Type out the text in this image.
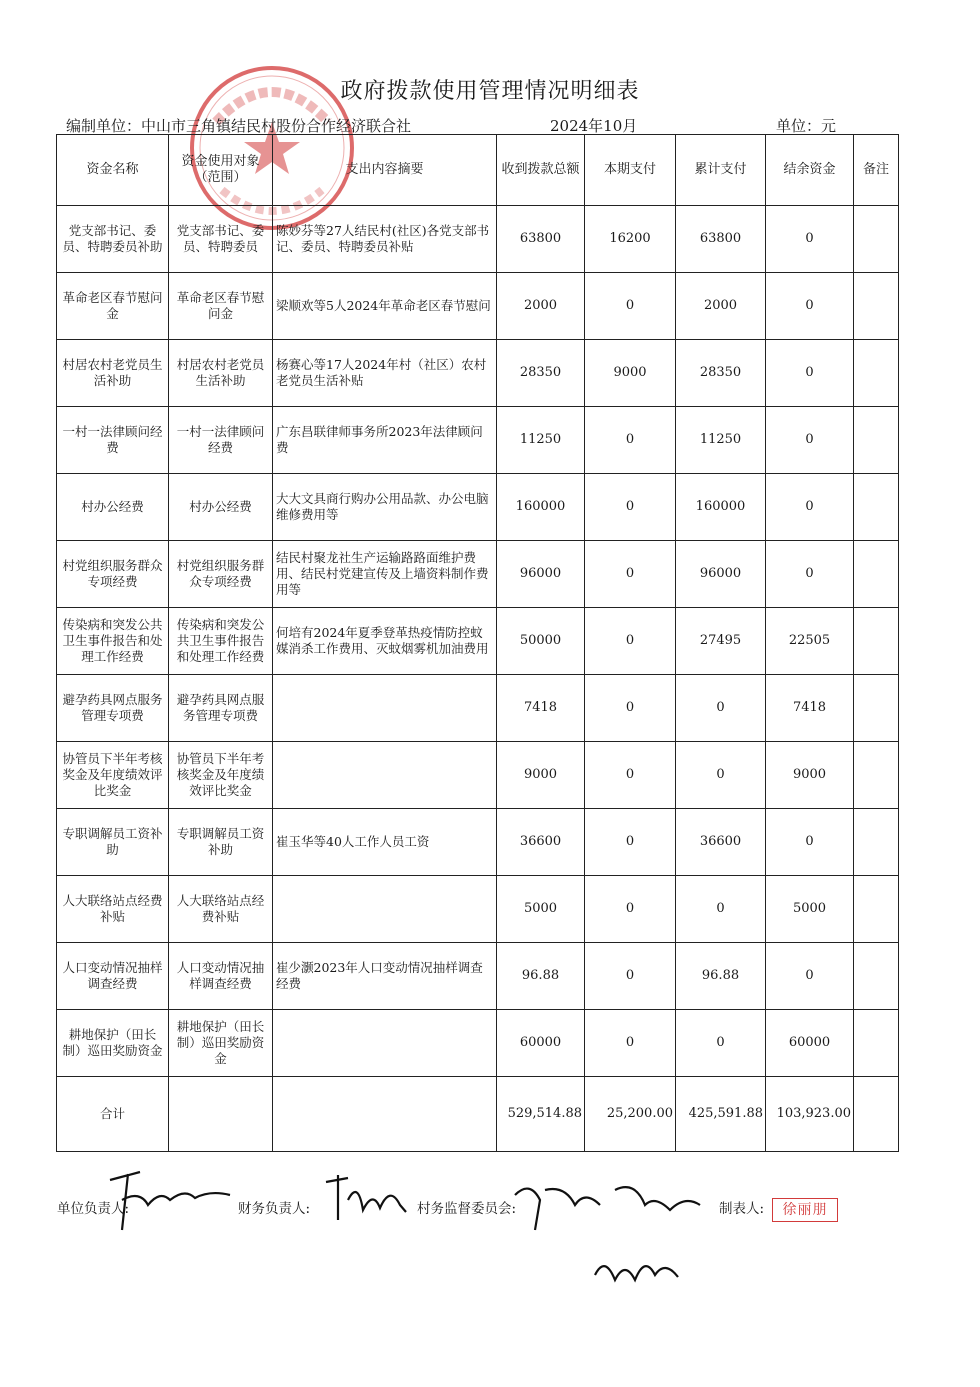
政府拨款使用管理情况明细表
编制单位：中山市三角镇结民村股份合作经济联合社	2024年10月	单位：元
资金名称	资金使用对象（范围）	支出内容摘要	收到拨款总额	本期支付	累计支付	结余资金	备注
党支部书记、委员、特聘委员补助	党支部书记、委员、特聘委员	陈妙芬等27人结民村(社区)各党支部书记、委员、特聘委员补贴	63800	16200	63800	0	
革命老区春节慰问金	革命老区春节慰问金	梁顺欢等5人2024年革命老区春节慰问	2000	0	2000	0	
村居农村老党员生活补助	村居农村老党员生活补助	杨赛心等17人2024年村（社区）农村老党员生活补贴	28350	9000	28350	0	
一村一法律顾问经费	一村一法律顾问经费	广东昌联律师事务所2023年法律顾问费	11250	0	11250	0	
村办公经费	村办公经费	大大文具商行购办公用品款、办公电脑维修费用等	160000	0	160000	0	
村党组织服务群众专项经费	村党组织服务群众专项经费	结民村聚龙社生产运输路路面维护费用、结民村党建宣传及上墙资料制作费用等	96000	0	96000	0	
传染病和突发公共卫生事件报告和处理工作经费	传染病和突发公共卫生事件报告和处理工作经费	何培有2024年夏季登革热疫情防控蚊媒消杀工作费用、灭蚊烟雾机加油费用	50000	0	27495	22505	
避孕药具网点服务管理专项费	避孕药具网点服务管理专项费		7418	0	0	7418	
协管员下半年考核奖金及年度绩效评比奖金	协管员下半年考核奖金及年度绩效评比奖金		9000	0	0	9000	
专职调解员工资补助	专职调解员工资补助	崔玉华等40人工作人员工资	36600	0	36600	0	
人大联络站点经费补贴	人大联络站点经费补贴		5000	0	0	5000	
人口变动情况抽样调查经费	人口变动情况抽样调查经费	崔少灏2023年人口变动情况抽样调查经费	96.88	0	96.88	0	
耕地保护（田长制）巡田奖励资金	耕地保护（田长制）巡田奖励资金		60000	0	0	60000	
合计			529,514.88	25,200.00	425,591.88	103,923.00	
单位负责人:	财务负责人:	村务监督委员会:	制表人:	徐丽朋
